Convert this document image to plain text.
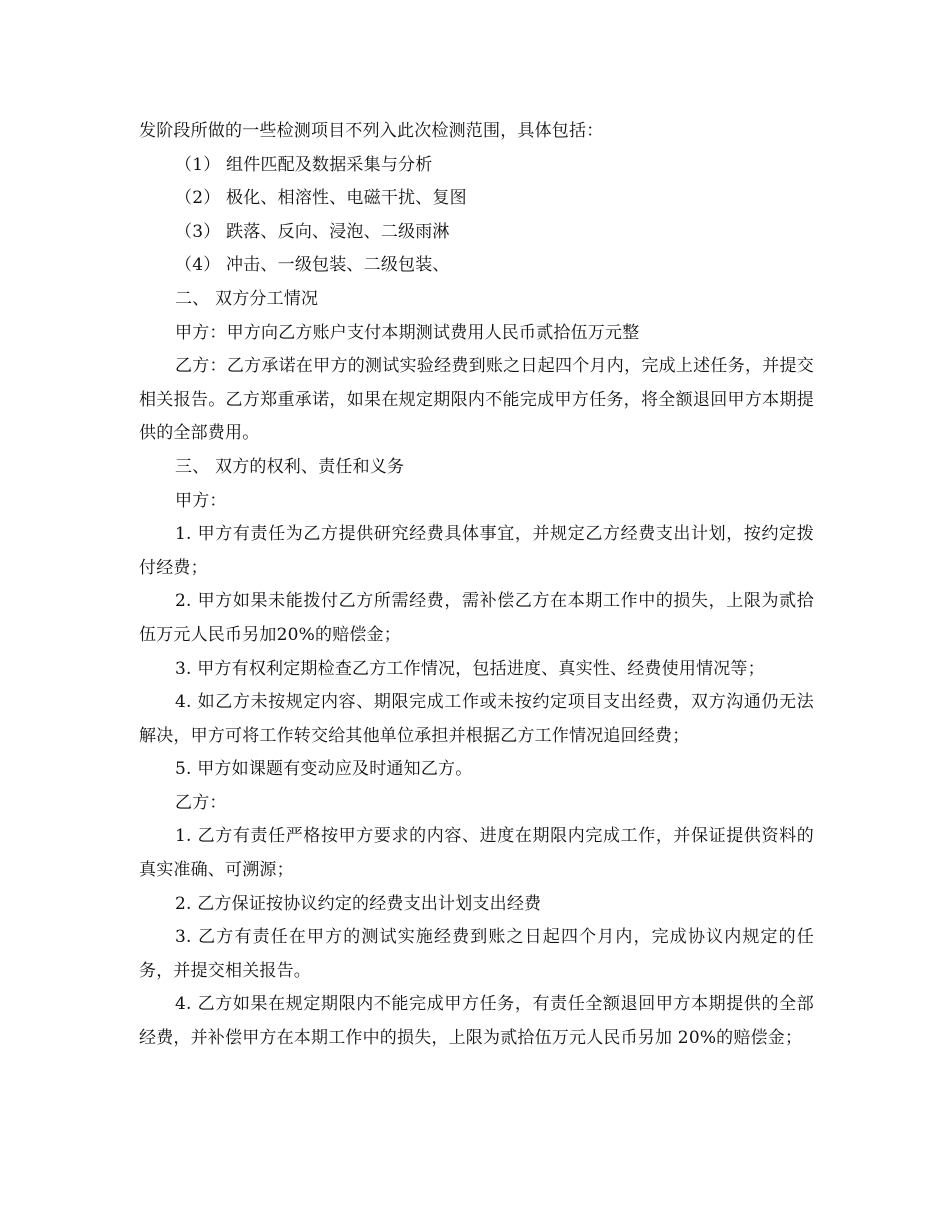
发阶段所做的一些检测项目不列入此次检测范围，具体包括：

（1） 组件匹配及数据采集与分析

（2） 极化、相溶性、电磁干扰、复图

（3） 跌落、反向、浸泡、二级雨淋

（4） 冲击、一级包装、二级包装、

二、 双方分工情况

甲方：甲方向乙方账户支付本期测试费用人民币贰拾伍万元整

乙方：乙方承诺在甲方的测试实验经费到账之日起四个月内，完成上述任务，并提交相关报告。乙方郑重承诺，如果在规定期限内不能完成甲方任务，将全额退回甲方本期提供的全部费用。

三、 双方的权利、责任和义务

甲方：

1. 甲方有责任为乙方提供研究经费具体事宜，并规定乙方经费支出计划，按约定拨付经费；

2. 甲方如果未能拨付乙方所需经费，需补偿乙方在本期工作中的损失，上限为贰拾伍万元人民币另加20%的赔偿金；

3. 甲方有权利定期检查乙方工作情况，包括进度、真实性、经费使用情况等；

4. 如乙方未按规定内容、期限完成工作或未按约定项目支出经费，双方沟通仍无法解决，甲方可将工作转交给其他单位承担并根据乙方工作情况追回经费；

5. 甲方如课题有变动应及时通知乙方。

乙方：

1. 乙方有责任严格按甲方要求的内容、进度在期限内完成工作，并保证提供资料的真实准确、可溯源；

2. 乙方保证按协议约定的经费支出计划支出经费

3. 乙方有责任在甲方的测试实施经费到账之日起四个月内，完成协议内规定的任务，并提交相关报告。

4. 乙方如果在规定期限内不能完成甲方任务，有责任全额退回甲方本期提供的全部经费，并补偿甲方在本期工作中的损失，上限为贰拾伍万元人民币另加 20%的赔偿金；
